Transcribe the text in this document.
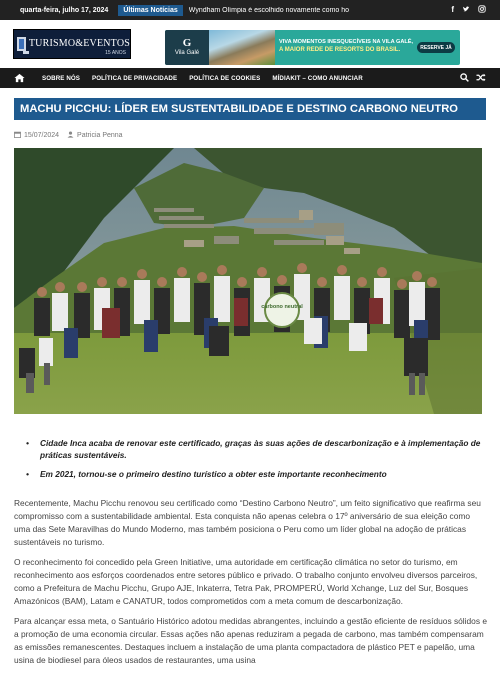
quarta-feira, julho 17, 2024	Últimas Notícias	Wyndham Olímpia é escolhido novamente como ho	f
TURISMO&EVENTOS
15 ANOS
G
Vila Galé
VIVA MOMENTOS INESQUECÍVEIS NA VILA GALÉ,
A MAIOR REDE DE RESORTS DO BRASIL.	RESERVE JÁ
SOBRE NÓS	POLÍTICA DE PRIVACIDADE	POLÍTICA DE COOKIES	MÍDIAKIT – COMO ANUNCIAR
MACHU PICCHU: LÍDER EM SUSTENTABILIDADE E DESTINO CARBONO NEUTRO
15/07/2024	Patricia Penna
carbono neutral
• Cidade Inca acaba de renovar este certificado, graças às suas ações de descarbonização e à implementação de práticas sustentáveis.
• Em 2021, tornou-se o primeiro destino turístico a obter este importante reconhecimento

Recentemente, Machu Picchu renovou seu certificado como “Destino Carbono Neutro”, um feito significativo que reafirma seu compromisso com a sustentabilidade ambiental. Esta conquista não apenas celebra o 17º aniversário de sua eleição como uma das Sete Maravilhas do Mundo Moderno, mas também posiciona o Peru como um líder global na adoção de práticas sustentáveis no turismo.

O reconhecimento foi concedido pela Green Initiative, uma autoridade em certificação climática no setor do turismo, em reconhecimento aos esforços coordenados entre setores público e privado. O trabalho conjunto envolveu diversos parceiros, como a Prefeitura de Machu Picchu, Grupo AJE, Inkaterra, Tetra Pak, PROMPERÚ, World Xchange, Luz del Sur, Bosques Amazónicos (BAM), Latam e CANATUR, todos comprometidos com a meta comum de descarbonização.

Para alcançar essa meta, o Santuário Histórico adotou medidas abrangentes, incluindo a gestão eficiente de resíduos sólidos e a promoção de uma economia circular. Essas ações não apenas reduziram a pegada de carbono, mas também compensaram as emissões remanescentes. Destaques incluem a instalação de uma planta compactadora de plástico PET e papelão, uma usina de biodiesel para óleos usados de restaurantes, uma usina
